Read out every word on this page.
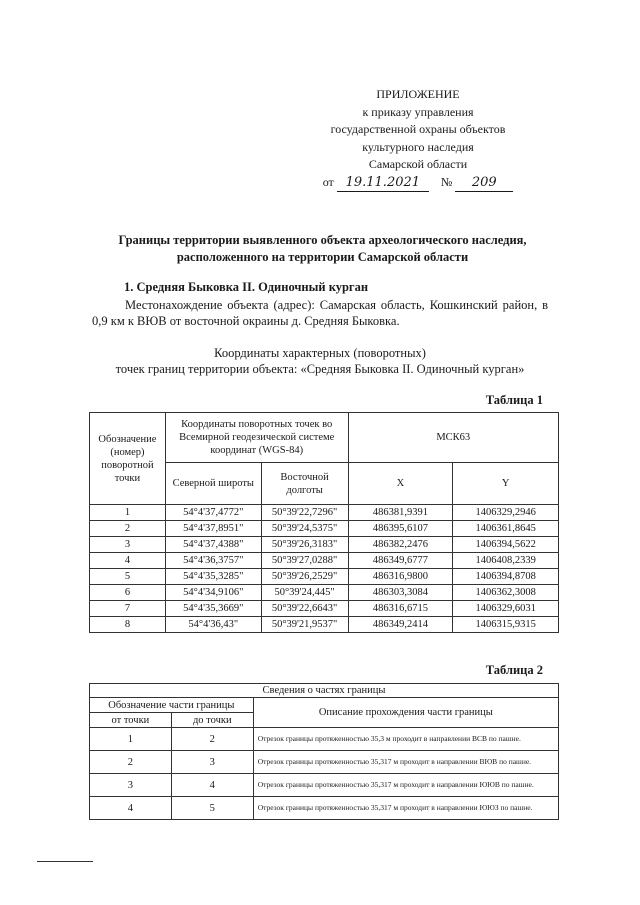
ПРИЛОЖЕНИЕ
к приказу управления
государственной охраны объектов
культурного наследия
Самарской области
от 19.11.2021 № 209
Границы территории выявленного объекта археологического наследия,
расположенного на территории Самарской области
1. Средняя Быковка II. Одиночный курган
Местонахождение объекта (адрес): Самарская область, Кошкинский район, в 0,9 км к ВЮВ от восточной окраины д. Средняя Быковка.
Координаты характерных (поворотных)
точек границ территории объекта: «Средняя Быковка II. Одиночный курган»
Таблица 1
Обозначение (номер) поворотной точки	Координаты поворотных точек во Всемирной геодезической системе координат (WGS-84)		МСК63	
	Северной широты	Восточной долготы	X	Y
1	54°4'37,4772"	50°39'22,7296"	486381,9391	1406329,2946
2	54°4'37,8951"	50°39'24,5375"	486395,6107	1406361,8645
3	54°4'37,4388"	50°39'26,3183"	486382,2476	1406394,5622
4	54°4'36,3757"	50°39'27,0288"	486349,6777	1406408,2339
5	54°4'35,3285"	50°39'26,2529"	486316,9800	1406394,8708
6	54°4'34,9106"	50°39'24,445"	486303,3084	1406362,3008
7	54°4'35,3669"	50°39'22,6643"	486316,6715	1406329,6031
8	54°4'36,43"	50°39'21,9537"	486349,2414	1406315,9315
Таблица 2
Сведения о частях границы		
Обозначение части границы		Описание прохождения части границы
от точки	до точки	
1	2	Отрезок границы протяженностью 35,3 м проходит в направлении ВСВ по пашне.
2	3	Отрезок границы протяженностью 35,317 м проходит в направлении ВЮВ по пашне.
3	4	Отрезок границы протяженностью 35,317 м проходит в направлении ЮЮВ по пашне.
4	5	Отрезок границы протяженностью 35,317 м проходит в направлении ЮЮЗ по пашне.
